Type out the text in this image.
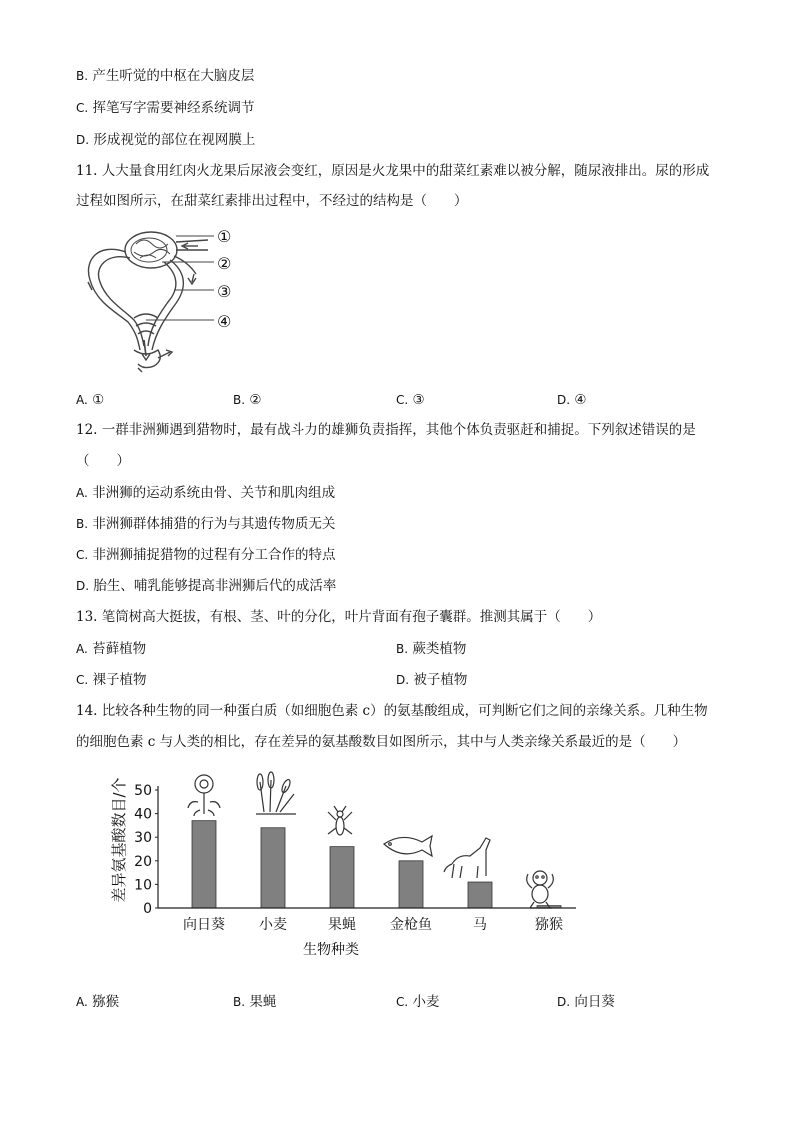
B. 产生听觉的中枢在大脑皮层
C. 挥笔写字需要神经系统调节
D. 形成视觉的部位在视网膜上
11. 人大量食用红肉火龙果后尿液会变红，原因是火龙果中的甜菜红素难以被分解，随尿液排出。尿的形成
过程如图所示，在甜菜红素排出过程中，不经过的结构是（　　）
①
②
③
④
A. ①	B. ②	C. ③	D. ④
12. 一群非洲狮遇到猎物时，最有战斗力的雄狮负责指挥，其他个体负责驱赶和捕捉。下列叙述错误的是
（　　）
A. 非洲狮的运动系统由骨、关节和肌肉组成
B. 非洲狮群体捕猎的行为与其遗传物质无关
C. 非洲狮捕捉猎物的过程有分工合作的特点
D. 胎生、哺乳能够提高非洲狮后代的成活率
13. 笔筒树高大挺拔，有根、茎、叶的分化，叶片背面有孢子囊群。推测其属于（　　）
A. 苔藓植物	B. 蕨类植物
C. 裸子植物	D. 被子植物
14. 比较各种生物的同一种蛋白质（如细胞色素 c）的氨基酸组成，可判断它们之间的亲缘关系。几种生物
的细胞色素 c 与人类的相比，存在差异的氨基酸数目如图所示，其中与人类亲缘关系最近的是（　　）
差异氨基酸数目/个
0
10
20
30
40
50
向日葵 小麦	果蝇 金枪鱼	马	猕猴
生物种类
A. 猕猴	B. 果蝇	C. 小麦	D. 向日葵
